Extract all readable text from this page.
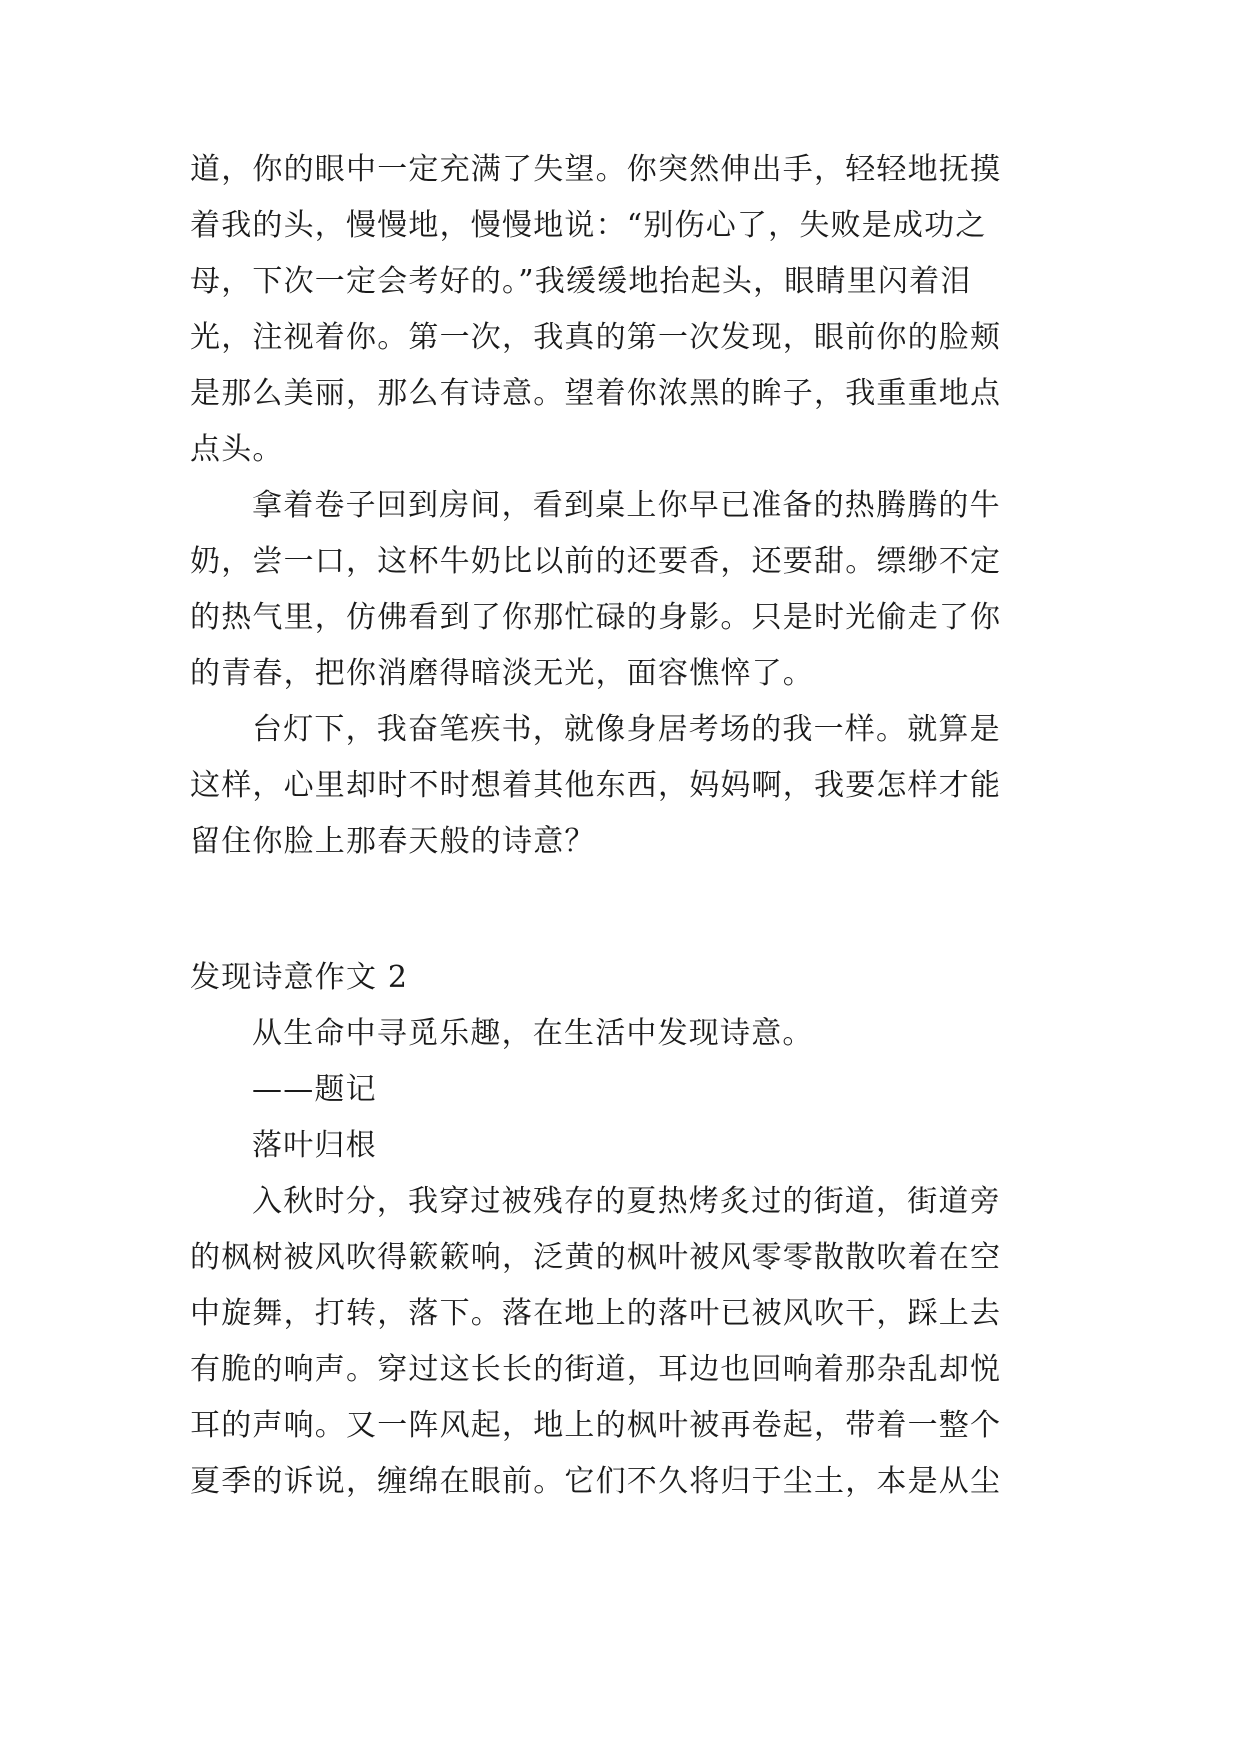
道，你的眼中一定充满了失望。你突然伸出手，轻轻地抚摸
着我的头，慢慢地，慢慢地说：“别伤心了，失败是成功之
母，下次一定会考好的。”我缓缓地抬起头，眼睛里闪着泪
光，注视着你。第一次，我真的第一次发现，眼前你的脸颊
是那么美丽，那么有诗意。望着你浓黑的眸子，我重重地点
点头。
拿着卷子回到房间，看到桌上你早已准备的热腾腾的牛
奶，尝一口，这杯牛奶比以前的还要香，还要甜。缥缈不定
的热气里，仿佛看到了你那忙碌的身影。只是时光偷走了你
的青春，把你消磨得暗淡无光，面容憔悴了。
台灯下，我奋笔疾书，就像身居考场的我一样。就算是
这样，心里却时不时想着其他东西，妈妈啊，我要怎样才能
留住你脸上那春天般的诗意？
发现诗意作文 2
从生命中寻觅乐趣，在生活中发现诗意。
——题记
落叶归根
入秋时分，我穿过被残存的夏热烤炙过的街道，街道旁
的枫树被风吹得簌簌响，泛黄的枫叶被风零零散散吹着在空
中旋舞，打转，落下。落在地上的落叶已被风吹干，踩上去
有脆的响声。穿过这长长的街道，耳边也回响着那杂乱却悦
耳的声响。又一阵风起，地上的枫叶被再卷起，带着一整个
夏季的诉说，缠绵在眼前。它们不久将归于尘土，本是从尘
